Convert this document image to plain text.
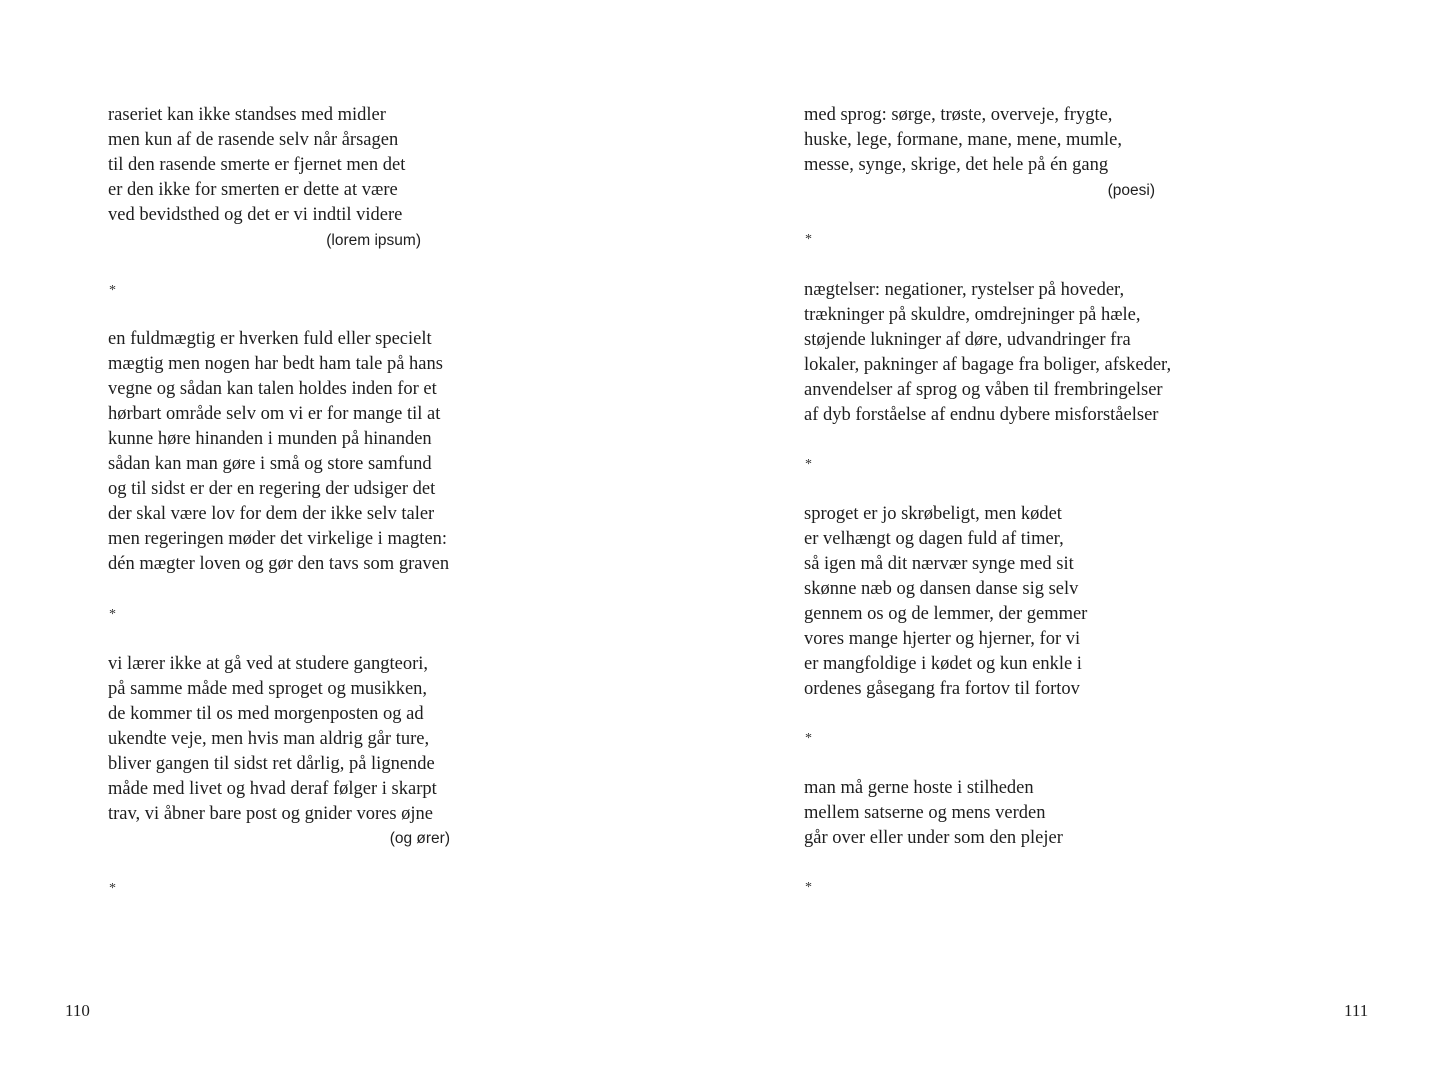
raseriet kan ikke standses med midler
men kun af de rasende selv når årsagen
til den rasende smerte er fjernet men det
er den ikke for smerten er dette at være
ved bevidsthed og det er vi indtil videre
(lorem ipsum)
*
en fuldmægtig er hverken fuld eller specielt
mægtig men nogen har bedt ham tale på hans
vegne og sådan kan talen holdes inden for et
hørbart område selv om vi er for mange til at
kunne høre hinanden i munden på hinanden
sådan kan man gøre i små og store samfund
og til sidst er der en regering der udsiger det
der skal være lov for dem der ikke selv taler
men regeringen møder det virkelige i magten:
dén mægter loven og gør den tavs som graven
*
vi lærer ikke at gå ved at studere gangteori,
på samme måde med sproget og musikken,
de kommer til os med morgenposten og ad
ukendte veje, men hvis man aldrig går ture,
bliver gangen til sidst ret dårlig, på lignende
måde med livet og hvad deraf følger i skarpt
trav, vi åbner bare post og gnider vores øjne
(og ører)
*
110
med sprog: sørge, trøste, overveje, frygte,
huske, lege, formane, mane, mene, mumle,
messe, synge, skrige, det hele på én gang
(poesi)
*
nægtelser: negationer, rystelser på hoveder,
trækninger på skuldre, omdrejninger på hæle,
støjende lukninger af døre, udvandringer fra
lokaler, pakninger af bagage fra boliger, afskeder,
anvendelser af sprog og våben til frembringelser
af dyb forståelse af endnu dybere misforståelser
*
sproget er jo skrøbeligt, men kødet
er velhængt og dagen fuld af timer,
så igen må dit nærvær synge med sit
skønne næb og dansen danse sig selv
gennem os og de lemmer, der gemmer
vores mange hjerter og hjerner, for vi
er mangfoldige i kødet og kun enkle i
ordenes gåsegang fra fortov til fortov
*
man må gerne hoste i stilheden
mellem satserne og mens verden
går over eller under som den plejer
*
111
